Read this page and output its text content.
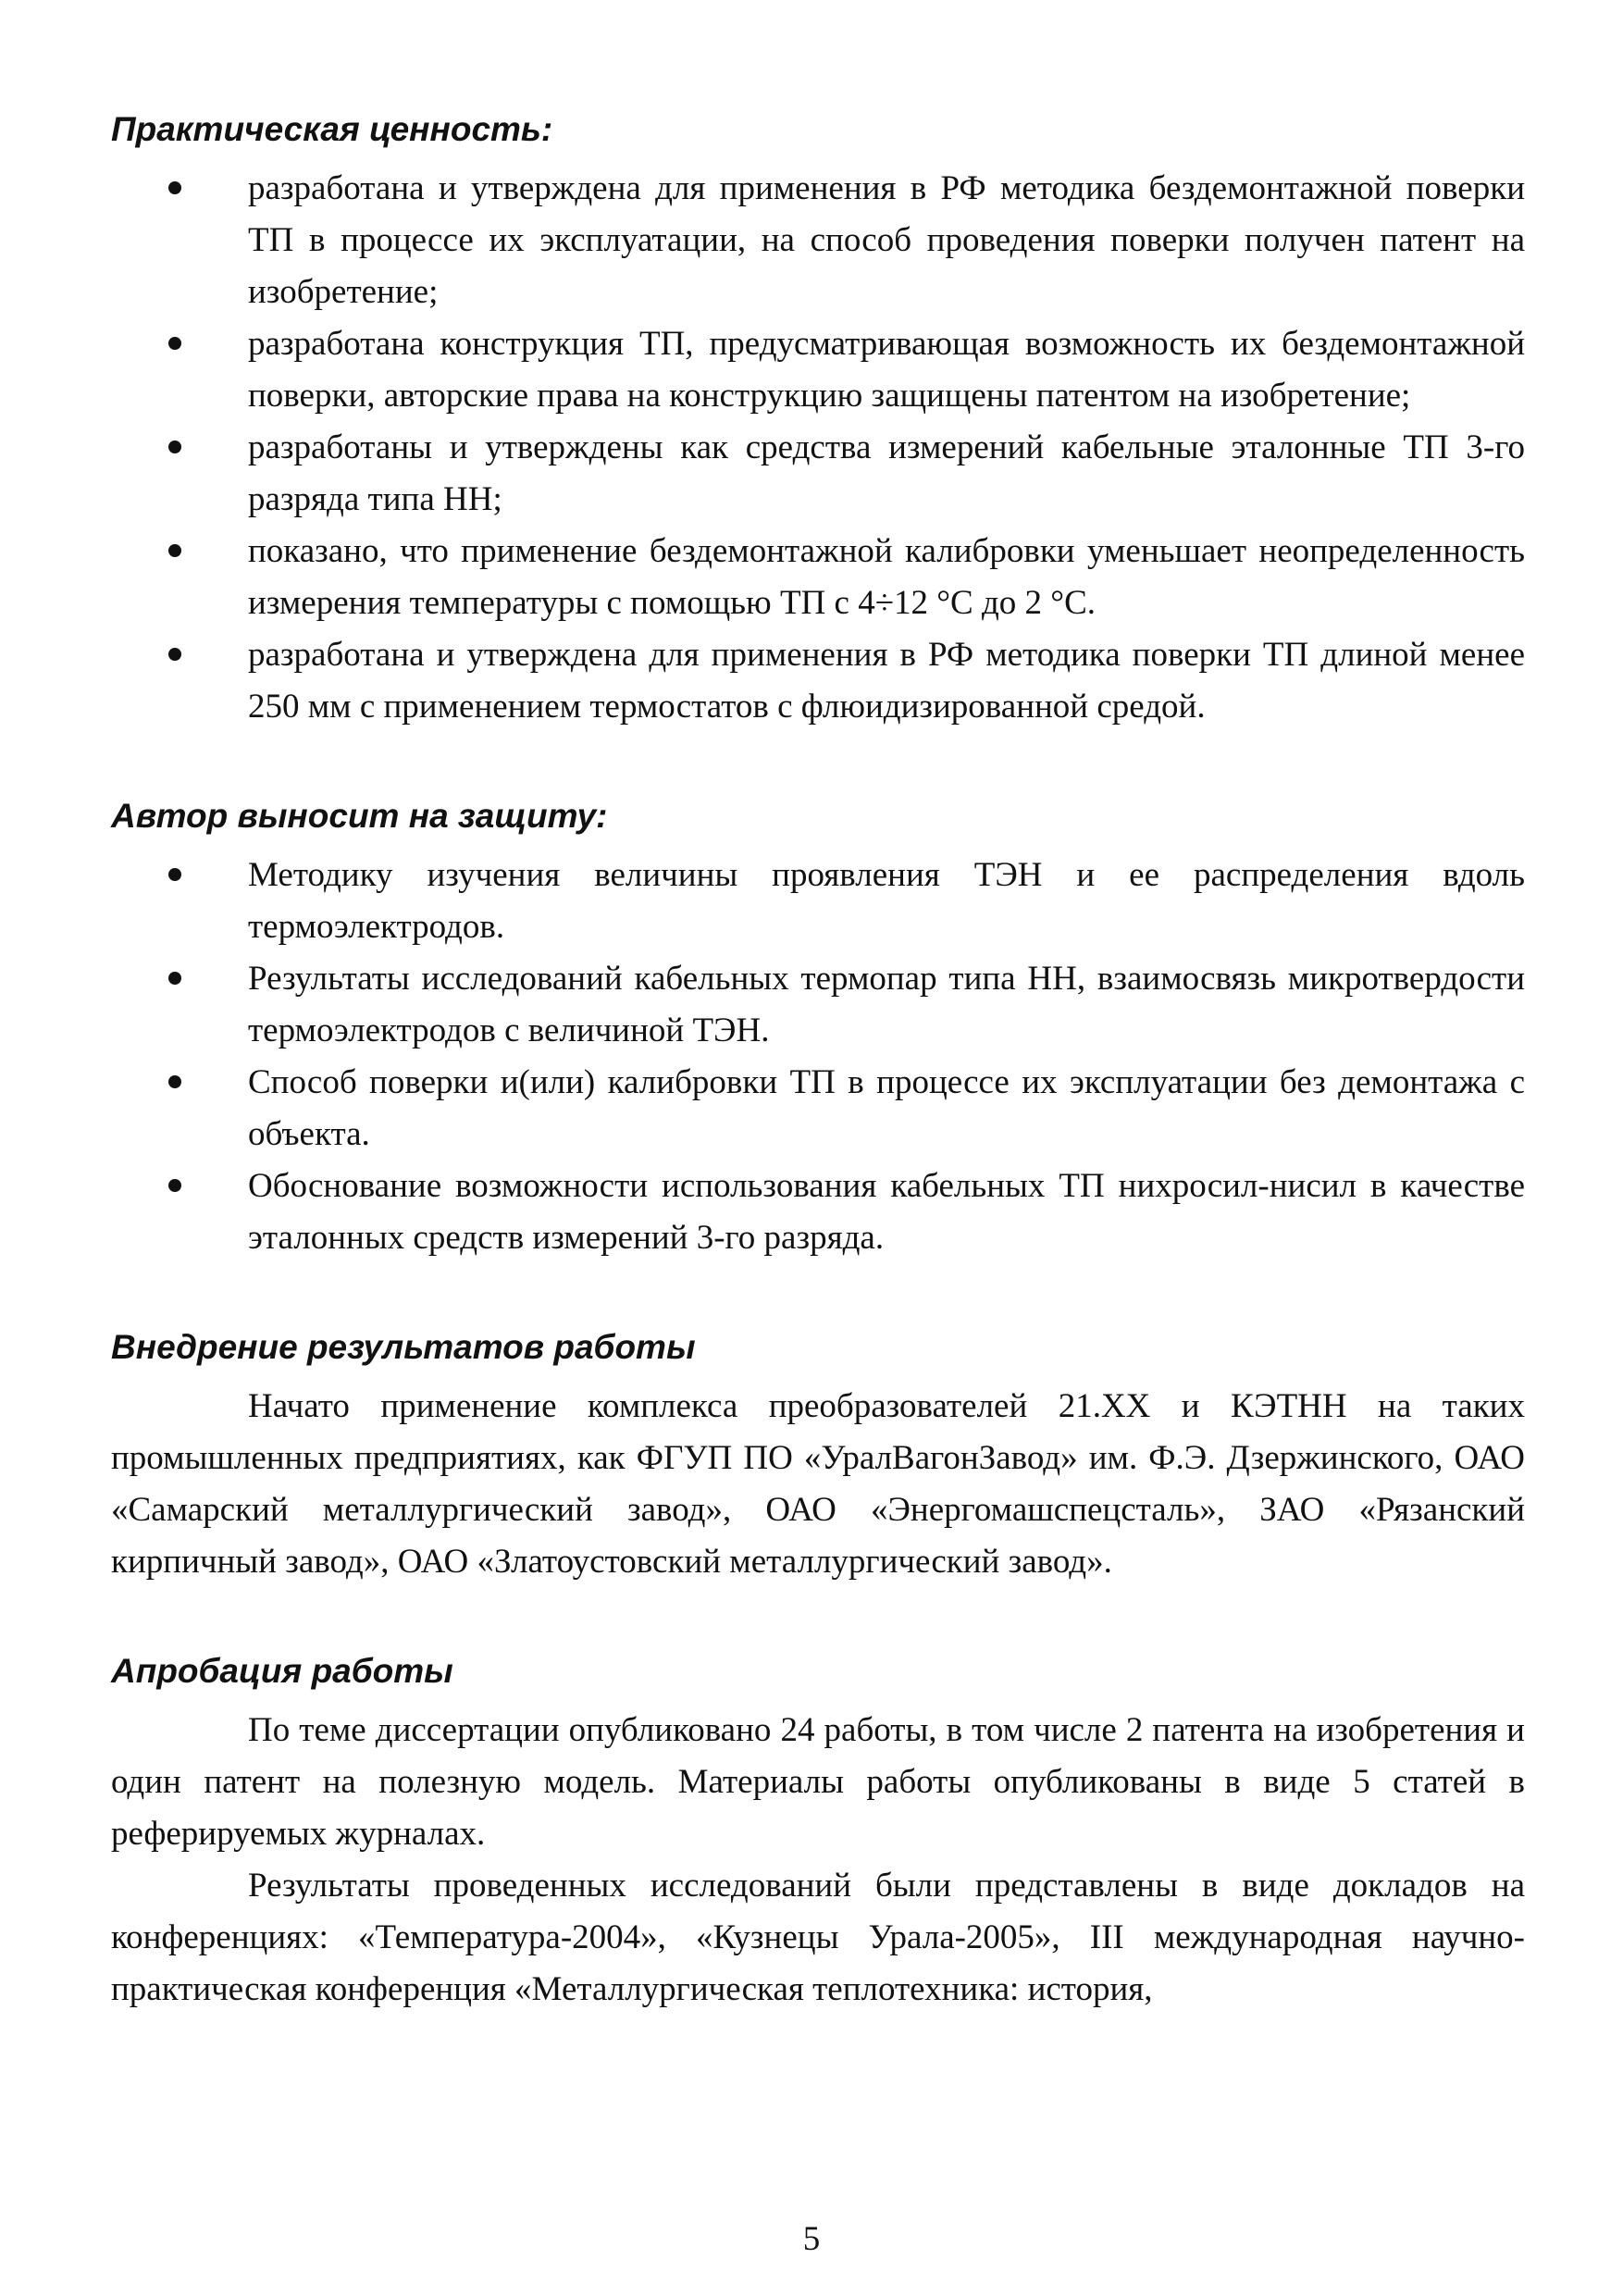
Практическая ценность:
разработана и утверждена для применения в РФ методика бездемонтажной поверки ТП в процессе их эксплуатации, на способ проведения поверки получен патент на изобретение;
разработана конструкция ТП, предусматривающая возможность их бездемонтажной поверки, авторские права на конструкцию защищены патентом на изобретение;
разработаны и утверждены как средства измерений кабельные эталонные ТП 3-го разряда типа НН;
показано, что применение бездемонтажной калибровки уменьшает неопределенность измерения температуры с помощью ТП с 4÷12 °С до 2 °С.
разработана и утверждена для применения в РФ методика поверки ТП длиной менее 250 мм с применением термостатов с флюидизированной средой.
Автор выносит на защиту:
Методику изучения величины проявления ТЭН и ее распределения вдоль термоэлектродов.
Результаты исследований кабельных термопар типа НН, взаимосвязь микротвердости термоэлектродов с величиной ТЭН.
Способ поверки и(или) калибровки ТП в процессе их эксплуатации без демонтажа с объекта.
Обоснование возможности использования кабельных ТП нихросил-нисил в качестве эталонных средств измерений 3-го разряда.
Внедрение результатов работы

Начато применение комплекса преобразователей 21.ХХ и КЭТНН на таких промышленных предприятиях, как ФГУП ПО «УралВагонЗавод» им. Ф.Э. Дзержинского, ОАО «Самарский металлургический завод», ОАО «Энергомашспецсталь», ЗАО «Рязанский кирпичный завод», ОАО «Златоустовский металлургический завод».

Апробация работы

По теме диссертации опубликовано 24 работы, в том числе 2 патента на изобретения и один патент на полезную модель. Материалы работы опубликованы в виде 5 статей в реферируемых журналах.

Результаты проведенных исследований были представлены в виде докладов на конференциях: «Температура-2004», «Кузнецы Урала-2005», III международная научно-практическая конференция «Металлургическая теплотехника: история,

5
